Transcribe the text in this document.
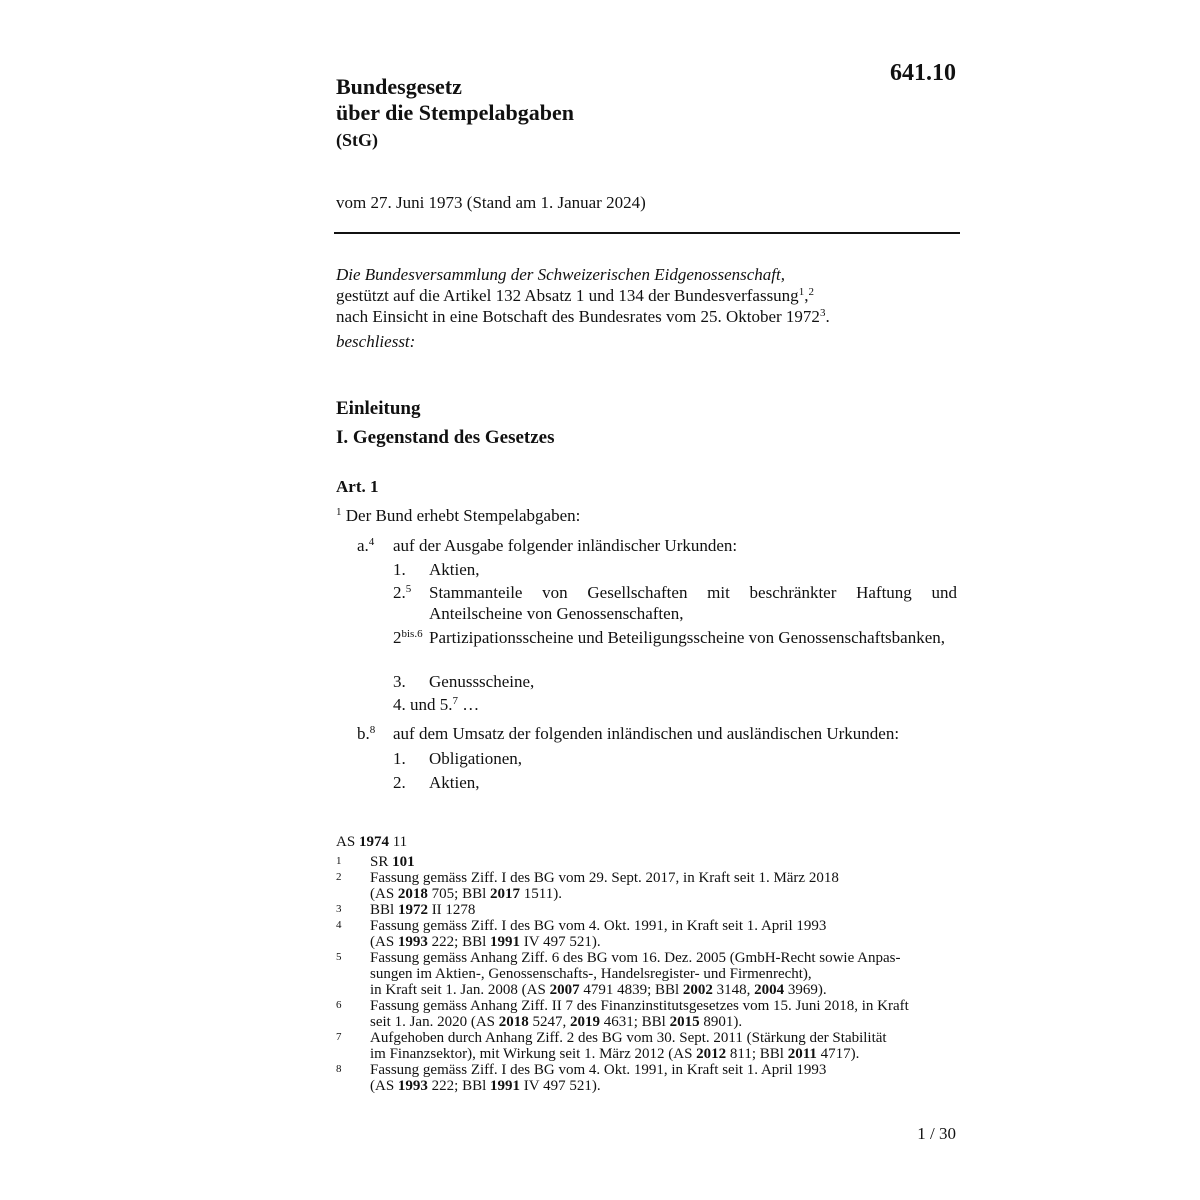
641.10
Bundesgesetz
über die Stempelabgaben
(StG)
vom 27. Juni 1973 (Stand am 1. Januar 2024)
Die Bundesversammlung der Schweizerischen Eidgenossenschaft,
gestützt auf die Artikel 132 Absatz 1 und 134 der Bundesverfassung$^1$,$^2$
nach Einsicht in eine Botschaft des Bundesrates vom 25. Oktober 1972$^3$.
beschliesst:
Einleitung
I. Gegenstand des Gesetzes
Art. 1
$^1$ Der Bund erhebt Stempelabgaben:
a.$^4$ auf der Ausgabe folgender inländischer Urkunden:
1. Aktien,
2.$^5$ Stammanteile von Gesellschaften mit beschränkter Haftung und Anteilscheine von Genossenschaften,
$2^{bis.6}$ Partizipationsscheine und Beteiligungsscheine von Genossenschaftsbanken,
3. Genussscheine,
4. und 5.$^7$ …
b.$^8$ auf dem Umsatz der folgenden inländischen und ausländischen Urkunden:
1. Obligationen,
2. Aktien,
AS 1974 11
1	SR 101
2	Fassung gemäss Ziff. I des BG vom 29. Sept. 2017, in Kraft seit 1. März 2018
(AS 2018 705; BBl 2017 1511).
3	BBl 1972 II 1278
4	Fassung gemäss Ziff. I des BG vom 4. Okt. 1991, in Kraft seit 1. April 1993
(AS 1993 222; BBl 1991 IV 497 521).
5	Fassung gemäss Anhang Ziff. 6 des BG vom 16. Dez. 2005 (GmbH-Recht sowie Anpas-
sungen im Aktien-, Genossenschafts-, Handelsregister- und Firmenrecht),
in Kraft seit 1. Jan. 2008 (AS 2007 4791 4839; BBl 2002 3148, 2004 3969).
6	Fassung gemäss Anhang Ziff. II 7 des Finanzinstitutsgesetzes vom 15. Juni 2018, in Kraft
seit 1. Jan. 2020 (AS 2018 5247, 2019 4631; BBl 2015 8901).
7	Aufgehoben durch Anhang Ziff. 2 des BG vom 30. Sept. 2011 (Stärkung der Stabilität
im Finanzsektor), mit Wirkung seit 1. März 2012 (AS 2012 811; BBl 2011 4717).
8	Fassung gemäss Ziff. I des BG vom 4. Okt. 1991, in Kraft seit 1. April 1993
(AS 1993 222; BBl 1991 IV 497 521).
1 / 30
